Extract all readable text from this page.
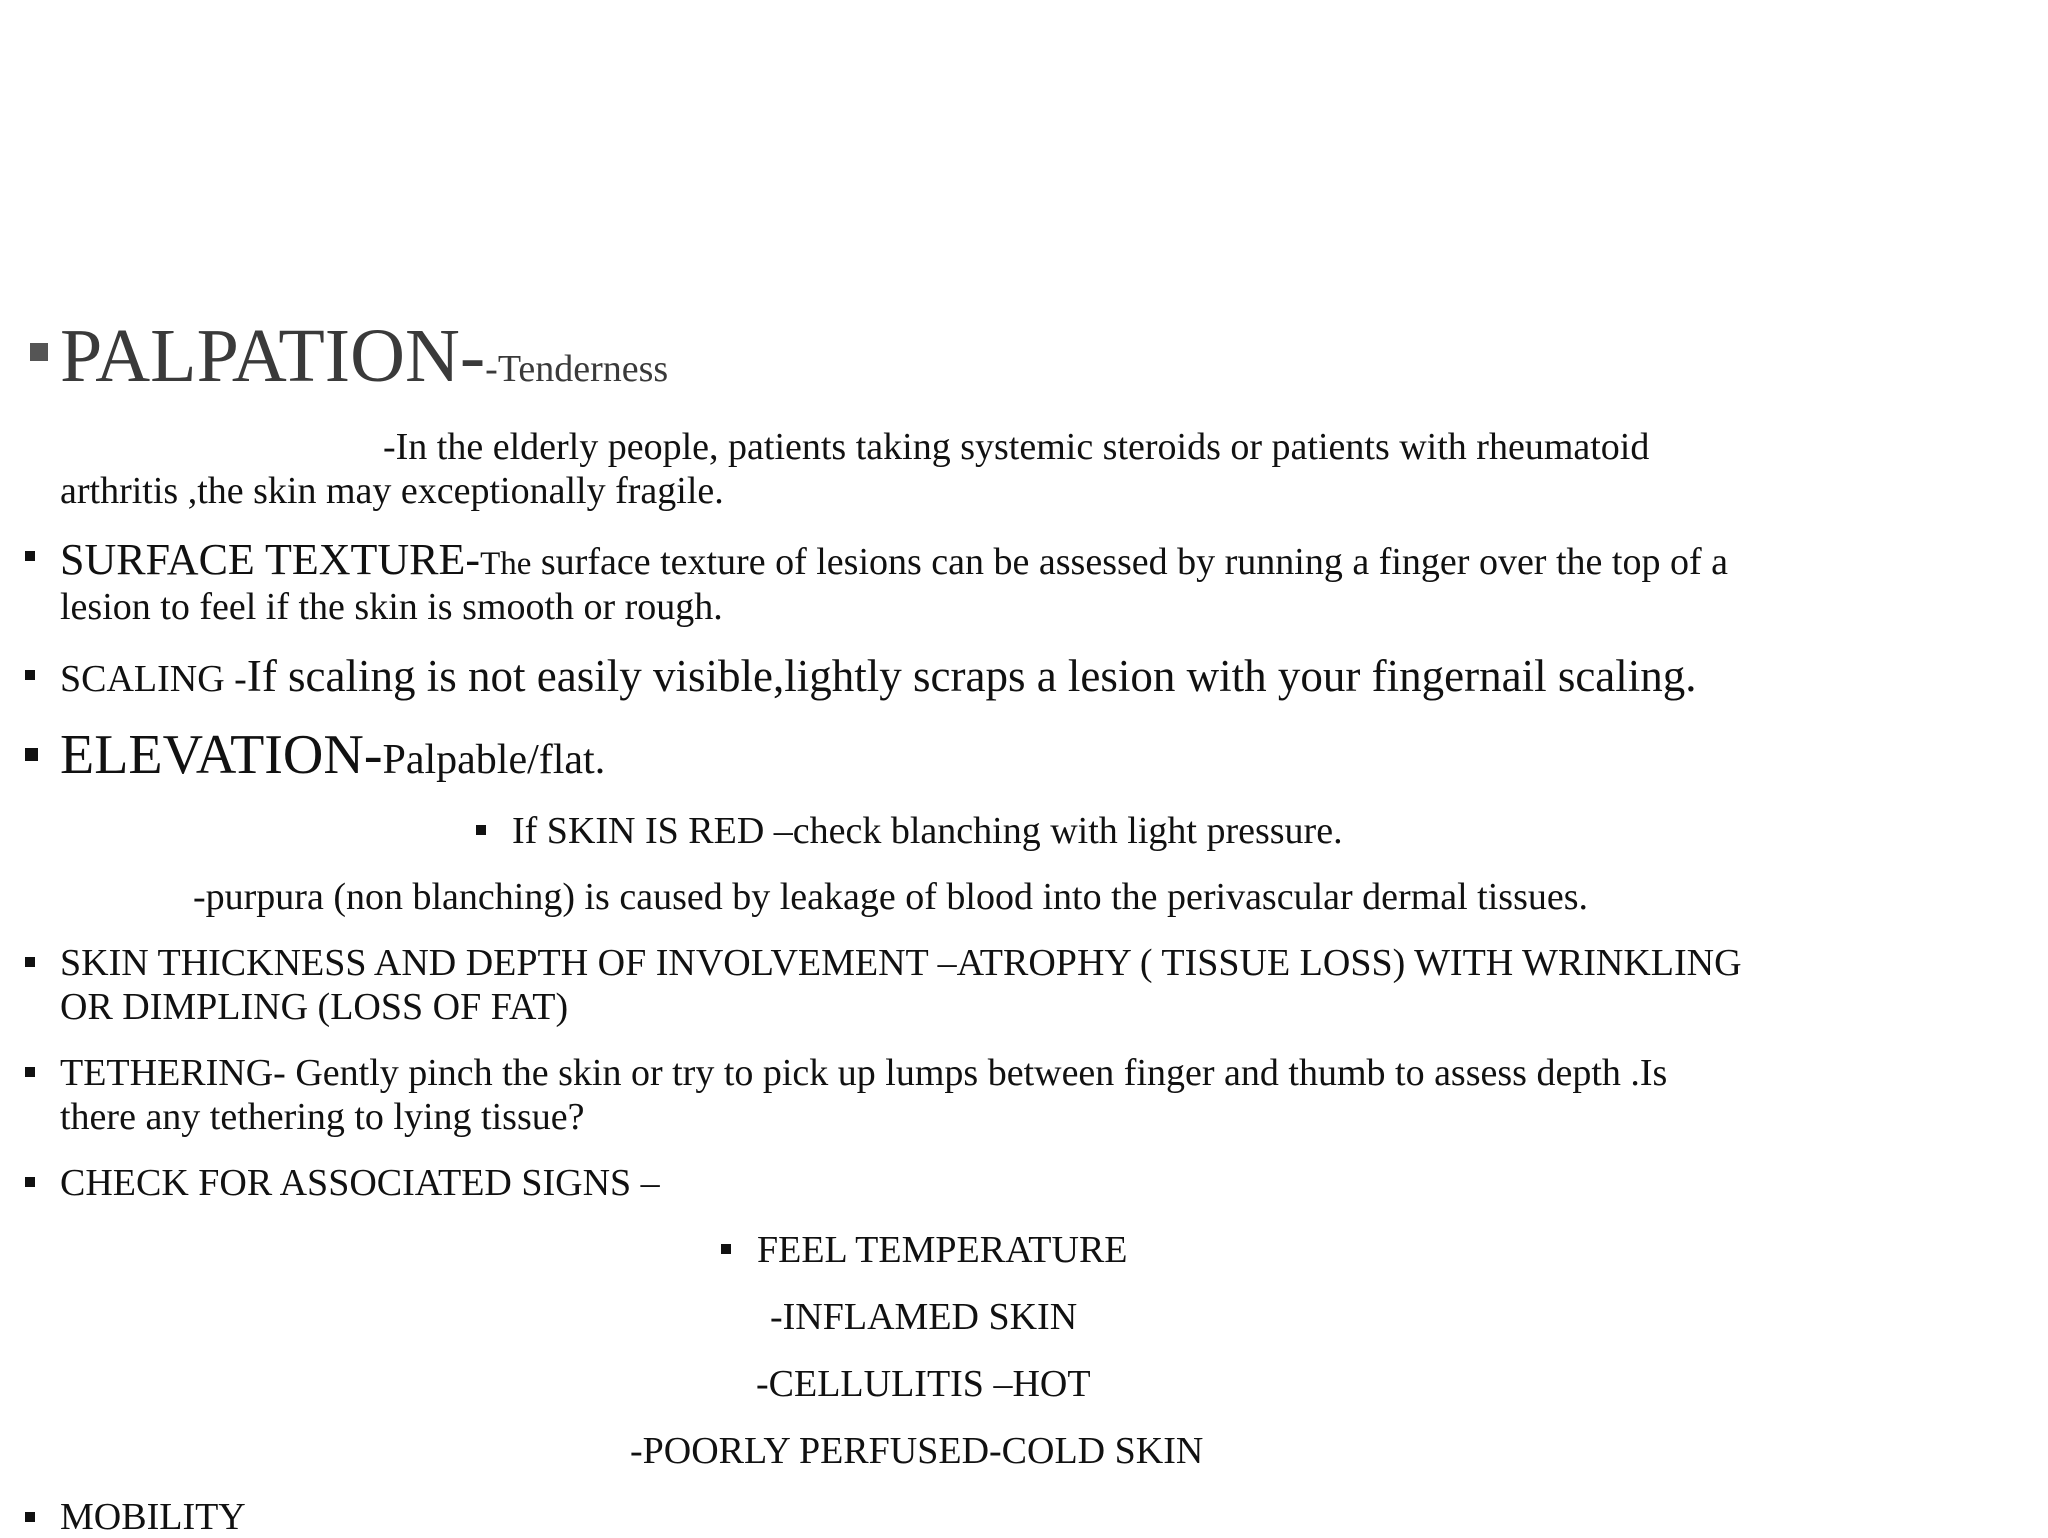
PALPATION--Tenderness
-In the elderly people, patients taking systemic steroids or patients with rheumatoid
arthritis ,the skin may exceptionally fragile.
SURFACE TEXTURE-The surface texture of lesions can be assessed by running a finger over the top of a
lesion to feel if the skin is smooth or rough.
SCALING -If scaling is not easily visible,lightly scraps a lesion with your fingernail scaling.
ELEVATION-Palpable/flat.
If SKIN IS RED –check blanching with light pressure.
-purpura (non blanching) is caused by leakage of blood into the perivascular dermal tissues.
SKIN THICKNESS AND DEPTH OF INVOLVEMENT –ATROPHY ( TISSUE LOSS) WITH WRINKLING
OR DIMPLING (LOSS OF FAT)
TETHERING- Gently pinch the skin or try to pick up lumps between finger and thumb to assess depth .Is
there any tethering to lying tissue?
CHECK FOR ASSOCIATED SIGNS –
FEEL TEMPERATURE
-INFLAMED SKIN
-CELLULITIS –HOT
-POORLY PERFUSED-COLD SKIN
MOBILITY
